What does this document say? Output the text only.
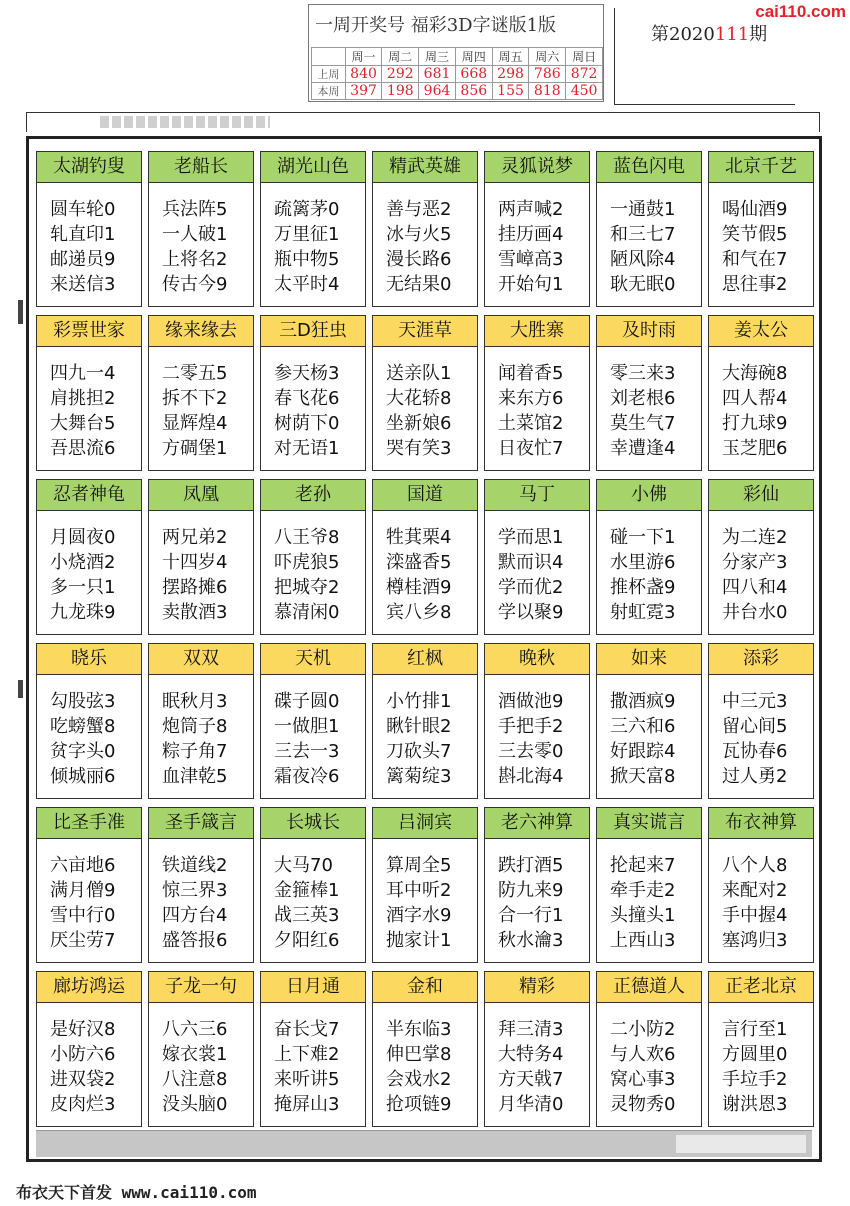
一周开奖号 福彩3D字谜版1版
	周一	周二	周三	周四	周五	周六	周日
上周	840	292	681	668	298	786	872
本周	397	198	964	856	155	818	450
第2020111期
cai110.com
太湖钓叟
圆车轮0
轧直印1
邮递员9
来送信3
老船长
兵法阵5
一人破1
上将名2
传古今9
湖光山色
疏篱茅0
万里征1
瓶中物5
太平时4
精武英雄
善与恶2
冰与火5
漫长路6
无结果0
灵狐说梦
两声喊2
挂历画4
雪嶂高3
开始句1
蓝色闪电
一通鼓1
和三七7
陋风除4
耿无眠0
北京千艺
喝仙酒9
笑节假5
和气在7
思往事2
彩票世家
四九一4
肩挑担2
大舞台5
吾思流6
缘来缘去
二零五5
拆不下2
显辉煌4
方碉堡1
三D狂虫
参天杨3
春飞花6
树荫下0
对无语1
天涯草
送亲队1
大花轿8
坐新娘6
哭有笑3
大胜寨
闻着香5
来东方6
土菜馆2
日夜忙7
及时雨
零三来3
刘老根6
莫生气7
幸遭逢4
姜太公
大海碗8
四人帮4
打九球9
玉芝肥6
忍者神龟
月圆夜0
小烧酒2
多一只1
九龙珠9
凤凰
两兄弟2
十四岁4
摆路摊6
卖散酒3
老孙
八王爷8
吓虎狼5
把城夺2
慕清闲0
国道
牲萁栗4
滦盛香5
樽桂酒9
宾八乡8
马丁
学而思1
默而识4
学而优2
学以聚9
小佛
碰一下1
水里游6
推杯盏9
射虹霓3
彩仙
为二连2
分家产3
四八和4
井台水0
晓乐
勾股弦3
吃螃蟹8
贫字头0
倾城丽6
双双
眠秋月3
炮筒子8
粽子角7
血津乾5
天机
碟子圆0
一做胆1
三去一3
霜夜冷6
红枫
小竹排1
瞅针眼2
刀砍头7
篱菊绽3
晚秋
酒做池9
手把手2
三去零0
斟北海4
如来
撒酒疯9
三六和6
好跟踪4
掀天富8
添彩
中三元3
留心间5
瓦协春6
过人勇2
比圣手准
六亩地6
满月僧9
雪中行0
厌尘劳7
圣手箴言
铁道线2
惊三界3
四方台4
盛答报6
长城长
大马70
金箍棒1
战三英3
夕阳红6
吕洞宾
算周全5
耳中听2
酒字水9
抛家计1
老六神算
跌打酒5
防九来9
合一行1
秋水瀹3
真实谎言
抡起来7
牵手走2
头撞头1
上西山3
布衣神算
八个人8
来配对2
手中握4
塞鸿归3
廊坊鸿运
是好汉8
小防六6
进双袋2
皮肉烂3
子龙一句
八六三6
嫁衣裳1
八注意8
没头脑0
日月通
奋长戈7
上下难2
来听讲5
掩屏山3
金和
半东临3
伸巴掌8
会戏水2
抢项链9
精彩
拜三清3
大特务4
方天戟7
月华清0
正德道人
二小防2
与人欢6
窝心事3
灵物秀0
正老北京
言行至1
方圆里0
手垃手2
谢洪恩3
布衣天下首发 www.cai110.com
